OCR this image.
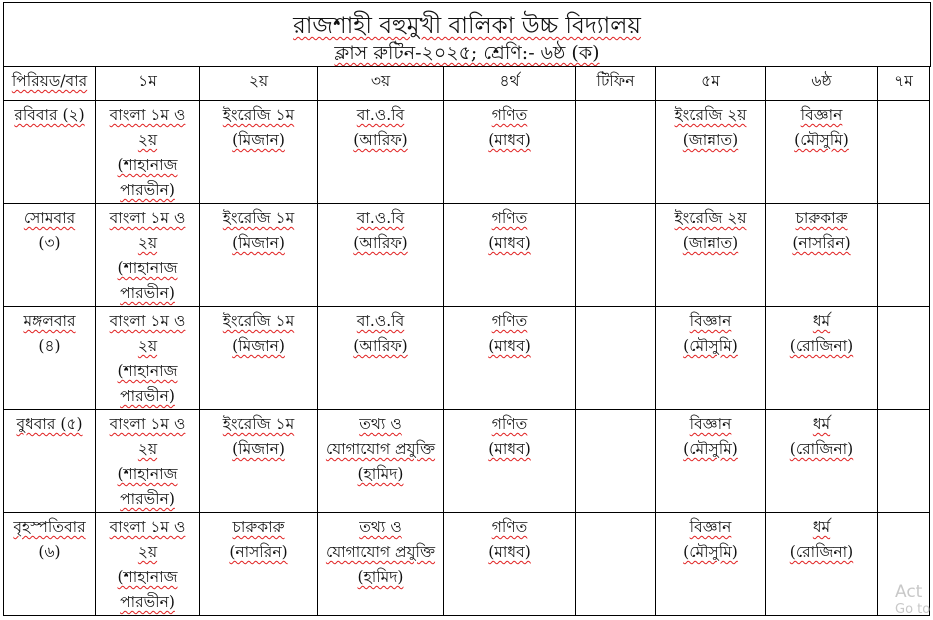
রাজশাহী বহুমুখী বালিকা উচ্চ বিদ্যালয়
ক্লাস রুটিন-২০২৫; শ্রেণি:- ৬ষ্ঠ (ক)
পিরিয়ড/বার	১ম	২য়	৩য়	৪র্থ	টিফিন	৫ম	৬ষ্ঠ	৭ম

রবিবার (২)	বাংলা ১ম ও
২য়
(শাহানাজ
পারভীন)	ইংরেজি ১ম
(মিজান)	বা.ও.বি
(আরিফ)	গণিত
(মাধব)		ইংরেজি ২য়
(জান্নাত)	বিজ্ঞান
(মৌসুমি)	

সোমবার
(৩)	বাংলা ১ম ও
২য়
(শাহানাজ
পারভীন)	ইংরেজি ১ম
(মিজান)	বা.ও.বি
(আরিফ)	গণিত
(মাধব)		ইংরেজি ২য়
(জান্নাত)	চারুকারু
(নাসরিন)	

মঙ্গলবার
(৪)	বাংলা ১ম ও
২য়
(শাহানাজ
পারভীন)	ইংরেজি ১ম
(মিজান)	বা.ও.বি
(আরিফ)	গণিত
(মাধব)		বিজ্ঞান
(মৌসুমি)	ধর্ম
(রোজিনা)	

বুধবার (৫)	বাংলা ১ম ও
২য়
(শাহানাজ
পারভীন)	ইংরেজি ১ম
(মিজান)	তথ্য ও
যোগাযোগ প্রযুক্তি
(হামিদ)	গণিত
(মাধব)		বিজ্ঞান
(মৌসুমি)	ধর্ম
(রোজিনা)	

বৃহস্পতিবার
(৬)	বাংলা ১ম ও
২য়
(শাহানাজ
পারভীন)	চারুকারু
(নাসরিন)	তথ্য ও
যোগাযোগ প্রযুক্তি
(হামিদ)	গণিত
(মাধব)		বিজ্ঞান
(মৌসুমি)	ধর্ম
(রোজিনা)	

Act
Go to
